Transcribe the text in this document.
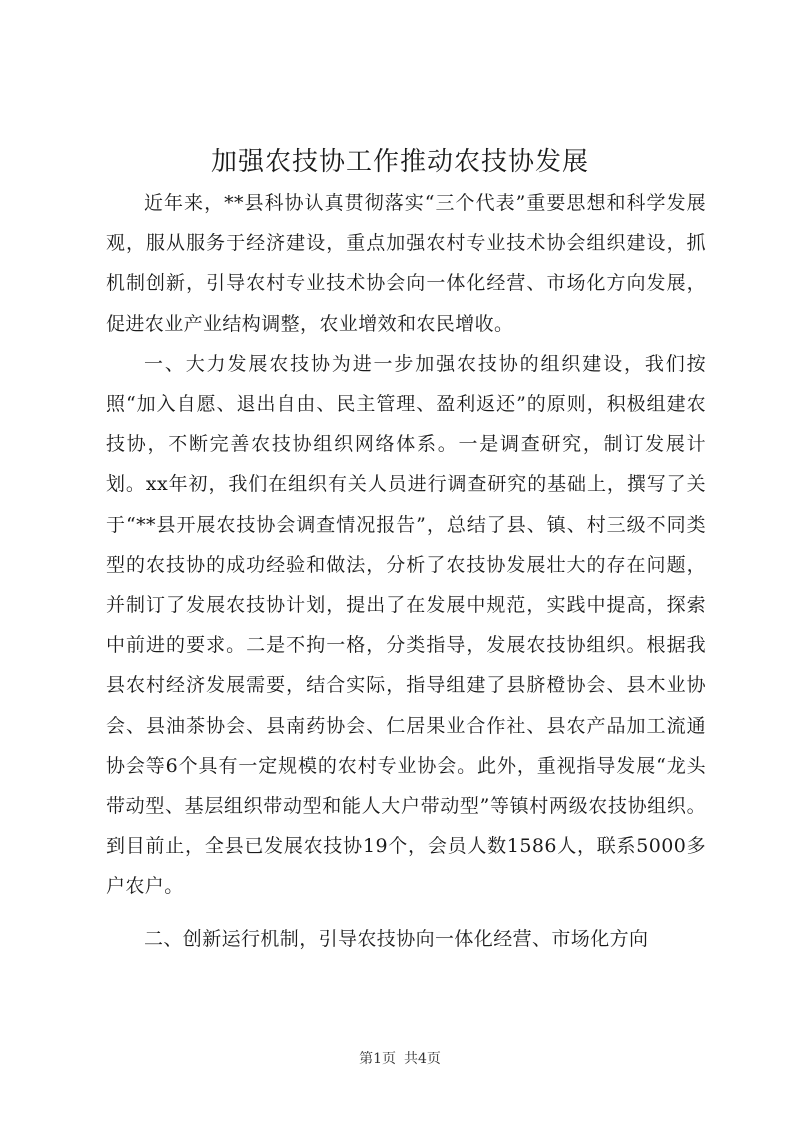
加强农技协工作推动农技协发展

近年来，**县科协认真贯彻落实“三个代表”重要思想和科学发展观，服从服务于经济建设，重点加强农村专业技术协会组织建设，抓机制创新，引导农村专业技术协会向一体化经营、市场化方向发展，促进农业产业结构调整，农业增效和农民增收。

一、大力发展农技协为进一步加强农技协的组织建设，我们按照“加入自愿、退出自由、民主管理、盈利返还”的原则，积极组建农技协，不断完善农技协组织网络体系。一是调查研究，制订发展计划。xx年初，我们在组织有关人员进行调查研究的基础上，撰写了关于“**县开展农技协会调查情况报告”，总结了县、镇、村三级不同类型的农技协的成功经验和做法，分析了农技协发展壮大的存在问题，并制订了发展农技协计划，提出了在发展中规范，实践中提高，探索中前进的要求。二是不拘一格，分类指导，发展农技协组织。根据我县农村经济发展需要，结合实际，指导组建了县脐橙协会、县木业协会、县油茶协会、县南药协会、仁居果业合作社、县农产品加工流通协会等6个具有一定规模的农村专业协会。此外，重视指导发展“龙头带动型、基层组织带动型和能人大户带动型”等镇村两级农技协组织。到目前止，全县已发展农技协19个，会员人数1586人，联系5000多户农户。

二、创新运行机制，引导农技协向一体化经营、市场化方向

第1页 共4页
